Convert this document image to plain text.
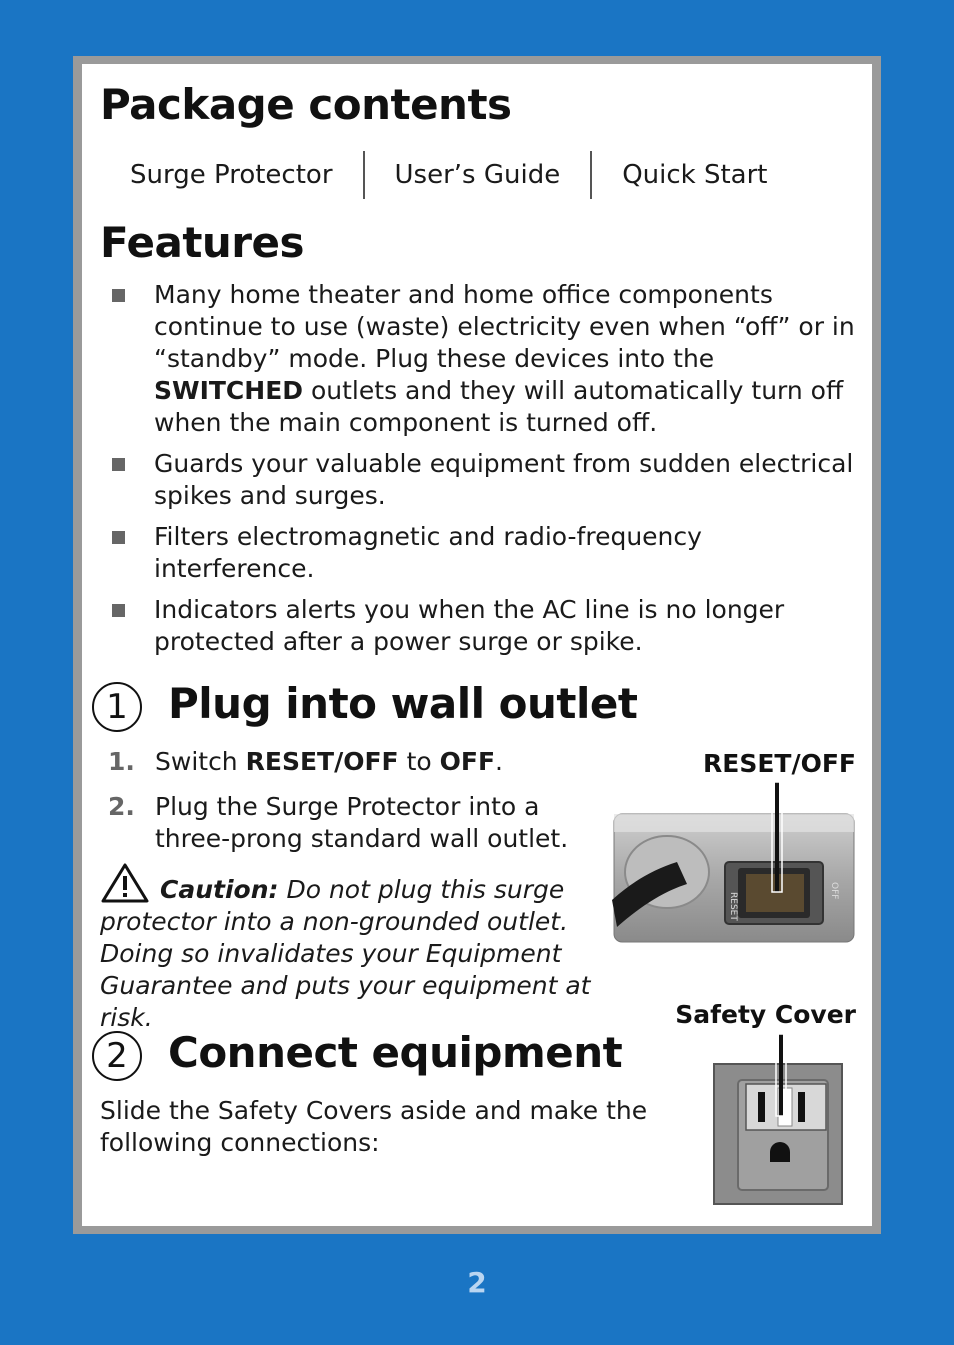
Package contents
Surge Protector User’s Guide Quick Start
Features
Many home theater and home office components continue to use (waste) electricity even when “off” or in “standby” mode. Plug these devices into the SWITCHED outlets and they will automatically turn off when the main component is turned off.
Guards your valuable equipment from sudden electrical spikes and surges.
Filters electromagnetic and radio-frequency interference.
Indicators alerts you when the AC line is no longer protected after a power surge or spike.
1 Plug into wall outlet
1. Switch RESET/OFF to OFF.
2. Plug the Surge Protector into a three-prong standard wall outlet.
Caution: Do not plug this surge protector into a non-grounded outlet. Doing so invalidates your Equipment Guarantee and puts your equipment at risk.
RESET/OFF
RESET
OFF
2 Connect equipment
Slide the Safety Covers aside and make the following connections:
Safety Cover
2
